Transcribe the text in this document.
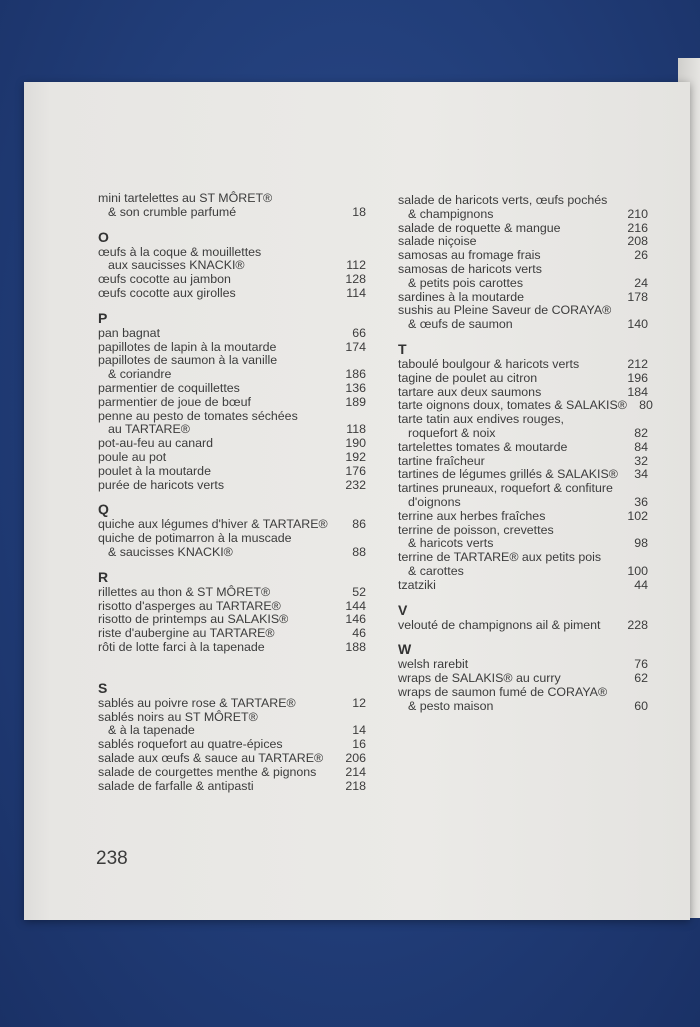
mini tartelettes au ST MÔRET®
& son crumble parfumé	18
O
œufs à la coque & mouillettes
aux saucisses KNACKI®	112
œufs cocotte au jambon	128
œufs cocotte aux girolles	114
P
pan bagnat	66
papillotes de lapin à la moutarde	174
papillotes de saumon à la vanille
& coriandre	186
parmentier de coquillettes	136
parmentier de joue de bœuf	189
penne au pesto de tomates séchées
au TARTARE®	118
pot-au-feu au canard	190
poule au pot	192
poulet à la moutarde	176
purée de haricots verts	232
Q
quiche aux légumes d'hiver & TARTARE®	86
quiche de potimarron à la muscade
& saucisses KNACKI®	88
R
rillettes au thon & ST MÔRET®	52
risotto d'asperges au TARTARE®	144
risotto de printemps au SALAKIS®	146
riste d'aubergine au TARTARE®	46
rôti de lotte farci à la tapenade	188
S
sablés au poivre rose & TARTARE®	12
sablés noirs au ST MÔRET®
& à la tapenade	14
sablés roquefort au quatre-épices	16
salade aux œufs & sauce au TARTARE®	206
salade de courgettes menthe & pignons	214
salade de farfalle & antipasti	218
salade de haricots verts, œufs pochés
& champignons	210
salade de roquette & mangue	216
salade niçoise	208
samosas au fromage frais	26
samosas de haricots verts
& petits pois carottes	24
sardines à la moutarde	178
sushis au Pleine Saveur de CORAYA®
& œufs de saumon	140
T
taboulé boulgour & haricots verts	212
tagine de poulet au citron	196
tartare aux deux saumons	184
tarte oignons doux, tomates & SALAKIS® 80
tarte tatin aux endives rouges,
roquefort & noix	82
tartelettes tomates & moutarde	84
tartine fraîcheur	32
tartines de légumes grillés & SALAKIS®	34
tartines pruneaux, roquefort & confiture
d'oignons	36
terrine aux herbes fraîches	102
terrine de poisson, crevettes
& haricots verts	98
terrine de TARTARE® aux petits pois
& carottes	100
tzatziki	44
V
velouté de champignons ail & piment	228
W
welsh rarebit	76
wraps de SALAKIS® au curry	62
wraps de saumon fumé de CORAYA®
& pesto maison	60
238
